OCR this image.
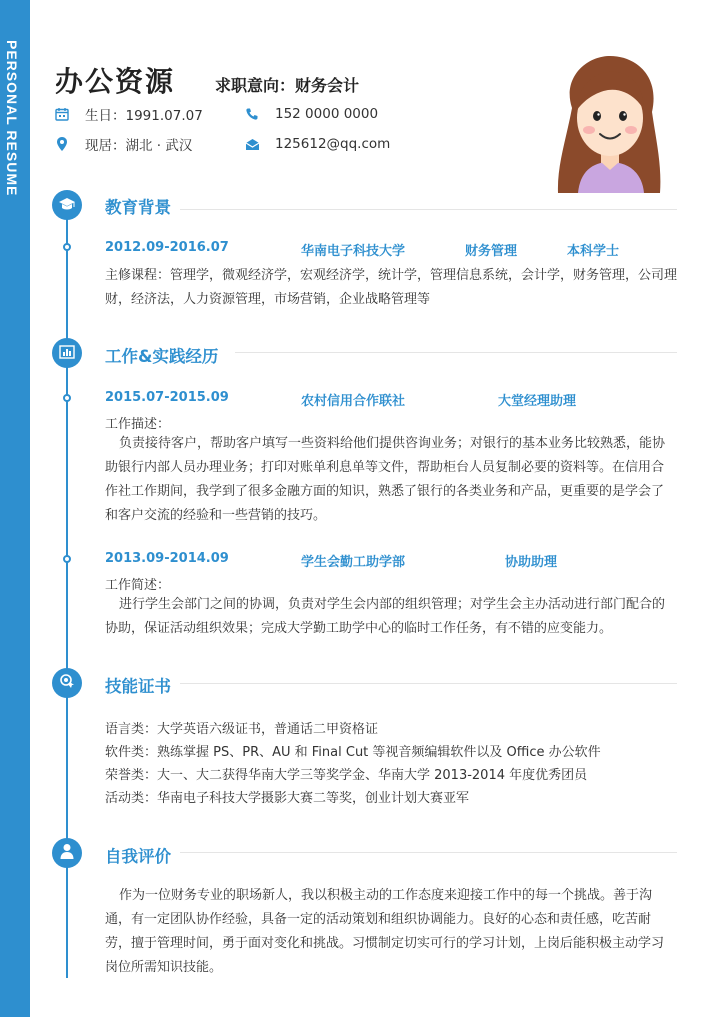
PERSONAL RESUME 办公资源 求职意向：财务会计
生日：1991.07.07	152 0000 0000
现居：湖北 · 武汉	125612@qq.com
教育背景
2012.09-2016.07	华南电子科技大学	财务管理	本科学士
主修课程：管理学，微观经济学，宏观经济学，统计学，管理信息系统，会计学，财务管理，公司理
财，经济法，人力资源管理，市场营销，企业战略管理等
工作&实践经历
2015.07-2015.09	农村信用合作联社	大堂经理助理
工作描述：
负责接待客户，帮助客户填写一些资料给他们提供咨询业务；对银行的基本业务比较熟悉，能协助银行内部人员办理业务；打印对账单利息单等文件，帮助柜台人员复制必要的资料等。在信用合作社工作期间，我学到了很多金融方面的知识，熟悉了银行的各类业务和产品，更重要的是学会了和客户交流的经验和一些营销的技巧。
2013.09-2014.09	学生会勤工助学部	协助助理
工作简述：
进行学生会部门之间的协调，负责对学生会内部的组织管理；对学生会主办活动进行部门配合的协助，保证活动组织效果；完成大学勤工助学中心的临时工作任务，有不错的应变能力。
技能证书
语言类：大学英语六级证书，普通话二甲资格证
软件类：熟练掌握 PS、PR、AU 和 Final Cut 等视音频编辑软件以及 Office 办公软件
荣誉类：大一、大二获得华南大学三等奖学金、华南大学 2013-2014 年度优秀团员
活动类：华南电子科技大学摄影大赛二等奖，创业计划大赛亚军
自我评价
作为一位财务专业的职场新人，我以积极主动的工作态度来迎接工作中的每一个挑战。善于沟通，有一定团队协作经验，具备一定的活动策划和组织协调能力。良好的心态和责任感，吃苦耐劳，擅于管理时间，勇于面对变化和挑战。习惯制定切实可行的学习计划，上岗后能积极主动学习岗位所需知识技能。
